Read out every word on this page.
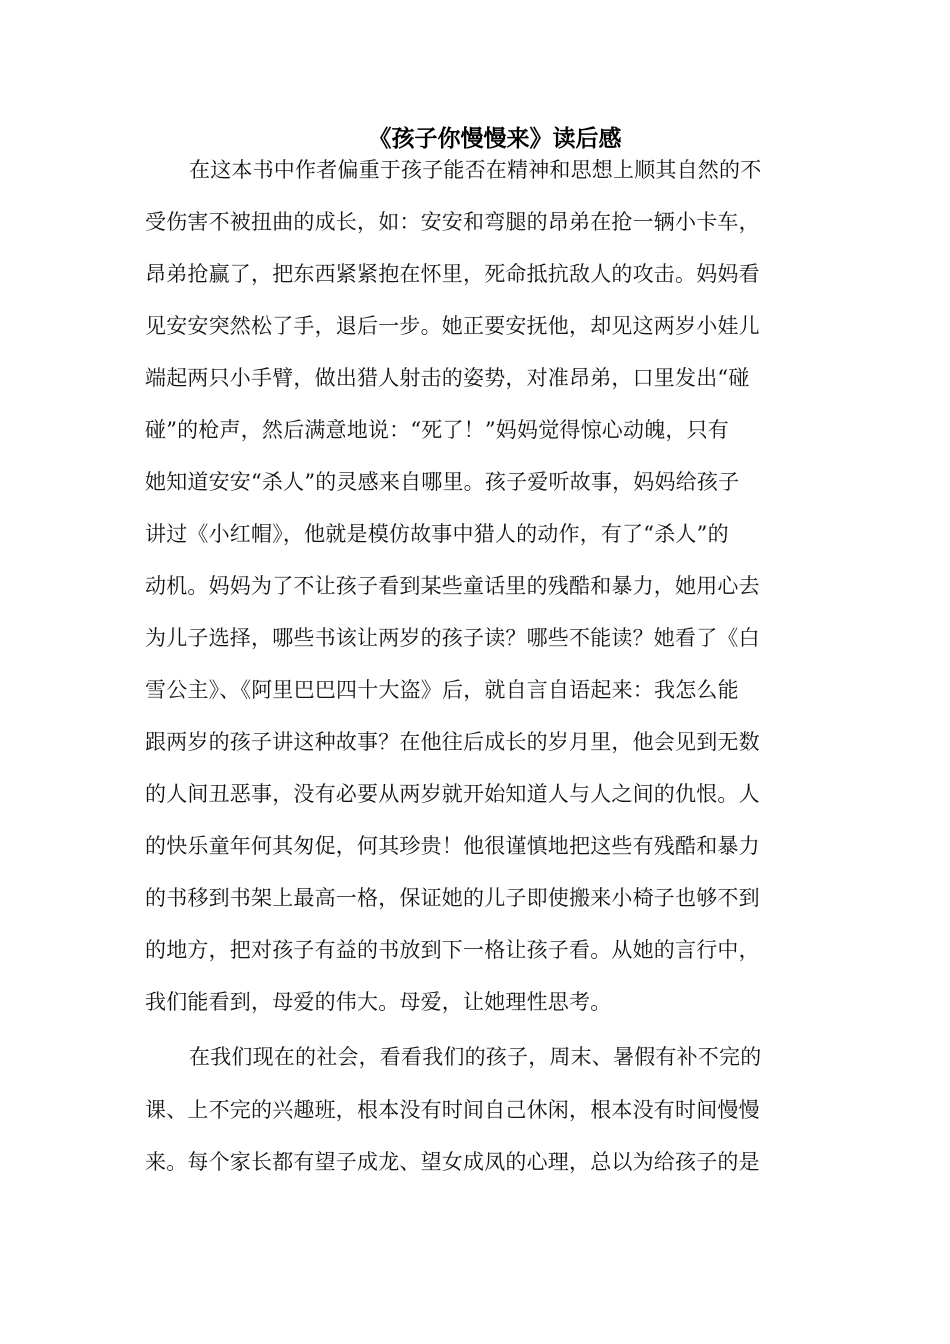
《孩子你慢慢来》读后感
在这本书中作者偏重于孩子能否在精神和思想上顺其自然的不
受伤害不被扭曲的成长，如：安安和弯腿的昂弟在抢一辆小卡车，
昂弟抢赢了，把东西紧紧抱在怀里，死命抵抗敌人的攻击。妈妈看
见安安突然松了手，退后一步。她正要安抚他，却见这两岁小娃儿
端起两只小手臂，做出猎人射击的姿势，对准昂弟，口里发出“碰
碰”的枪声，然后满意地说：“死了！”妈妈觉得惊心动魄，只有
她知道安安“杀人”的灵感来自哪里。孩子爱听故事，妈妈给孩子
讲过《小红帽》，他就是模仿故事中猎人的动作，有了“杀人”的
动机。妈妈为了不让孩子看到某些童话里的残酷和暴力，她用心去
为儿子选择，哪些书该让两岁的孩子读？哪些不能读？她看了《白
雪公主》、《阿里巴巴四十大盗》后，就自言自语起来：我怎么能
跟两岁的孩子讲这种故事？在他往后成长的岁月里，他会见到无数
的人间丑恶事，没有必要从两岁就开始知道人与人之间的仇恨。人
的快乐童年何其匆促，何其珍贵！他很谨慎地把这些有残酷和暴力
的书移到书架上最高一格，保证她的儿子即使搬来小椅子也够不到
的地方，把对孩子有益的书放到下一格让孩子看。从她的言行中，
我们能看到，母爱的伟大。母爱，让她理性思考。
在我们现在的社会，看看我们的孩子，周末、暑假有补不完的
课、上不完的兴趣班，根本没有时间自己休闲，根本没有时间慢慢
来。每个家长都有望子成龙、望女成凤的心理，总以为给孩子的是
